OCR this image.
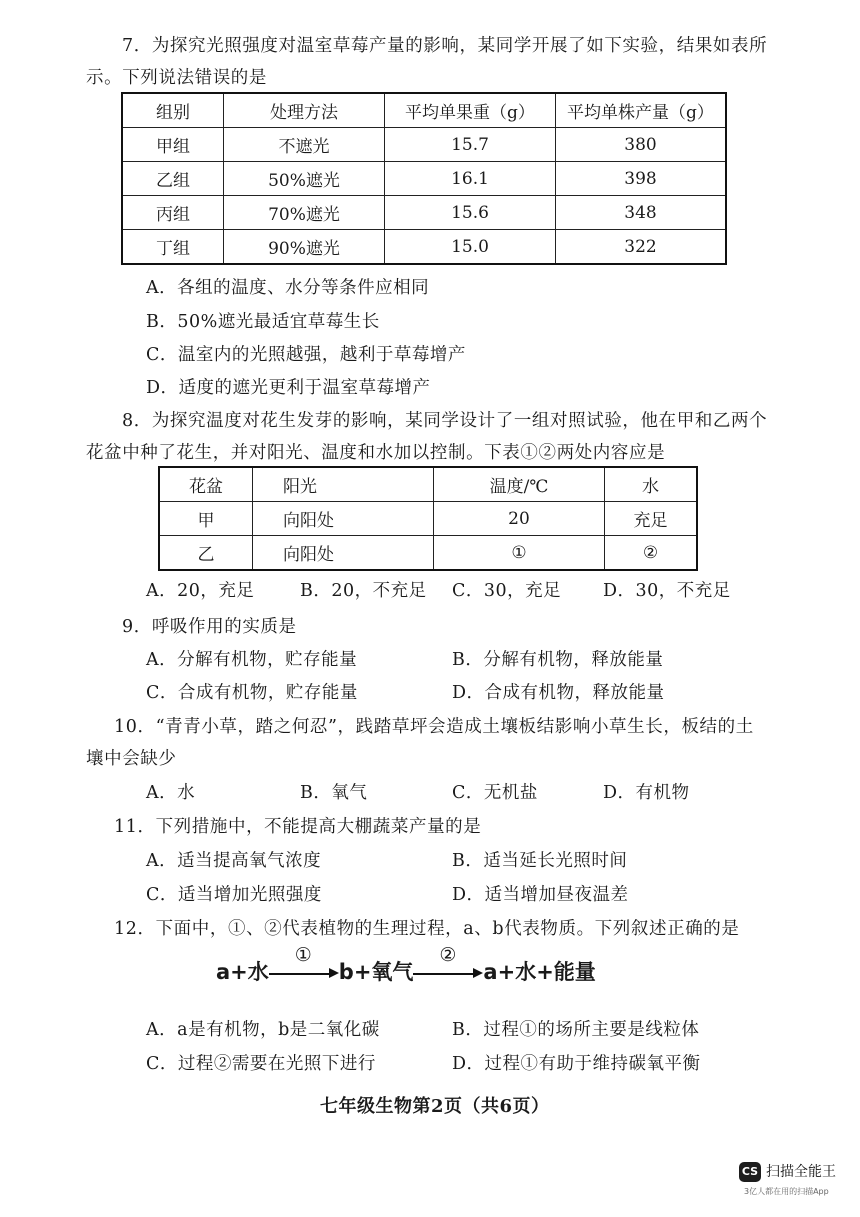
7．为探究光照强度对温室草莓产量的影响，某同学开展了如下实验，结果如表所
示。下列说法错误的是
组别	处理方法	平均单果重（g）	平均单株产量（g）
甲组	不遮光	15.7	380
乙组	50%遮光	16.1	398
丙组	70%遮光	15.6	348
丁组	90%遮光	15.0	322
A．各组的温度、水分等条件应相同
B．50%遮光最适宜草莓生长
C．温室内的光照越强，越利于草莓增产
D．适度的遮光更利于温室草莓增产
8．为探究温度对花生发芽的影响，某同学设计了一组对照试验，他在甲和乙两个
花盆中种了花生，并对阳光、温度和水加以控制。下表①②两处内容应是
花盆	阳光	温度/℃	水
甲	向阳处	20	充足
乙	向阳处	①	②
A．20，充足	B．20，不充足 C．30，充足 D．30，不充足
9．呼吸作用的实质是
A．分解有机物，贮存能量	B．分解有机物，释放能量
C．合成有机物，贮存能量	D．合成有机物，释放能量
10．“青青小草，踏之何忍”，践踏草坪会造成土壤板结影响小草生长，板结的土
壤中会缺少
A．水	B．氧气	C．无机盐	D．有机物
11．下列措施中，不能提高大棚蔬菜产量的是
A．适当提高氧气浓度	B．适当延长光照时间
C．适当增加光照强度	D．适当增加昼夜温差
12．下面中，①、②代表植物的生理过程，a、b代表物质。下列叙述正确的是
a+水
①
b+氧气
②
a+水+能量
A．a是有机物，b是二氧化碳	B．过程①的场所主要是线粒体
C．过程②需要在光照下进行	D．过程①有助于维持碳氧平衡
七年级生物第2页（共6页）
CS 扫描全能王
3亿人都在用的扫描App
